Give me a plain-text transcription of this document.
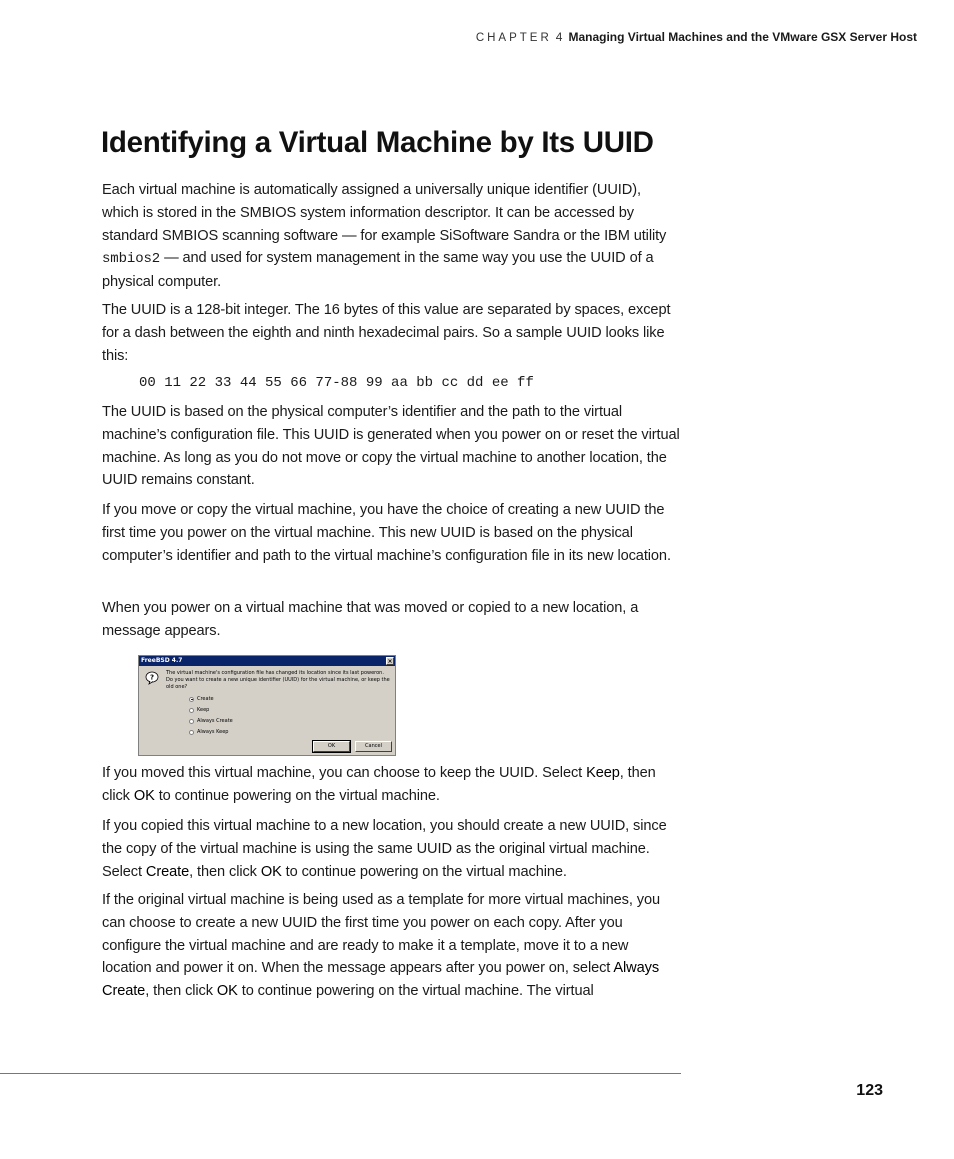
CHAPTER 4 Managing Virtual Machines and the VMware GSX Server Host
Identifying a Virtual Machine by Its UUID

Each virtual machine is automatically assigned a universally unique identifier (UUID), which is stored in the SMBIOS system information descriptor. It can be accessed by standard SMBIOS scanning software — for example SiSoftware Sandra or the IBM utility smbios2 — and used for system management in the same way you use the UUID of a physical computer.

The UUID is a 128-bit integer. The 16 bytes of this value are separated by spaces, except for a dash between the eighth and ninth hexadecimal pairs. So a sample UUID looks like this:

00 11 22 33 44 55 66 77-88 99 aa bb cc dd ee ff

The UUID is based on the physical computer’s identifier and the path to the virtual machine’s configuration file. This UUID is generated when you power on or reset the virtual machine. As long as you do not move or copy the virtual machine to another location, the UUID remains constant.

If you move or copy the virtual machine, you have the choice of creating a new UUID the first time you power on the virtual machine. This new UUID is based on the physical computer’s identifier and path to the virtual machine’s configuration file in its new location.

When you power on a virtual machine that was moved or copied to a new location, a message appears.

FreeBSD 4.7	×
?
The virtual machine's configuration file has changed its location since its last poweron. Do you want to create a new unique identifier (UUID) for the virtual machine, or keep the old one?
Create
Keep
Always Create
Always Keep
OK	Cancel

If you moved this virtual machine, you can choose to keep the UUID. Select Keep, then click OK to continue powering on the virtual machine.

If you copied this virtual machine to a new location, you should create a new UUID, since the copy of the virtual machine is using the same UUID as the original virtual machine. Select Create, then click OK to continue powering on the virtual machine.

If the original virtual machine is being used as a template for more virtual machines, you can choose to create a new UUID the first time you power on each copy. After you configure the virtual machine and are ready to make it a template, move it to a new location and power it on. When the message appears after you power on, select Always Create, then click OK to continue powering on the virtual machine. The virtual

123
